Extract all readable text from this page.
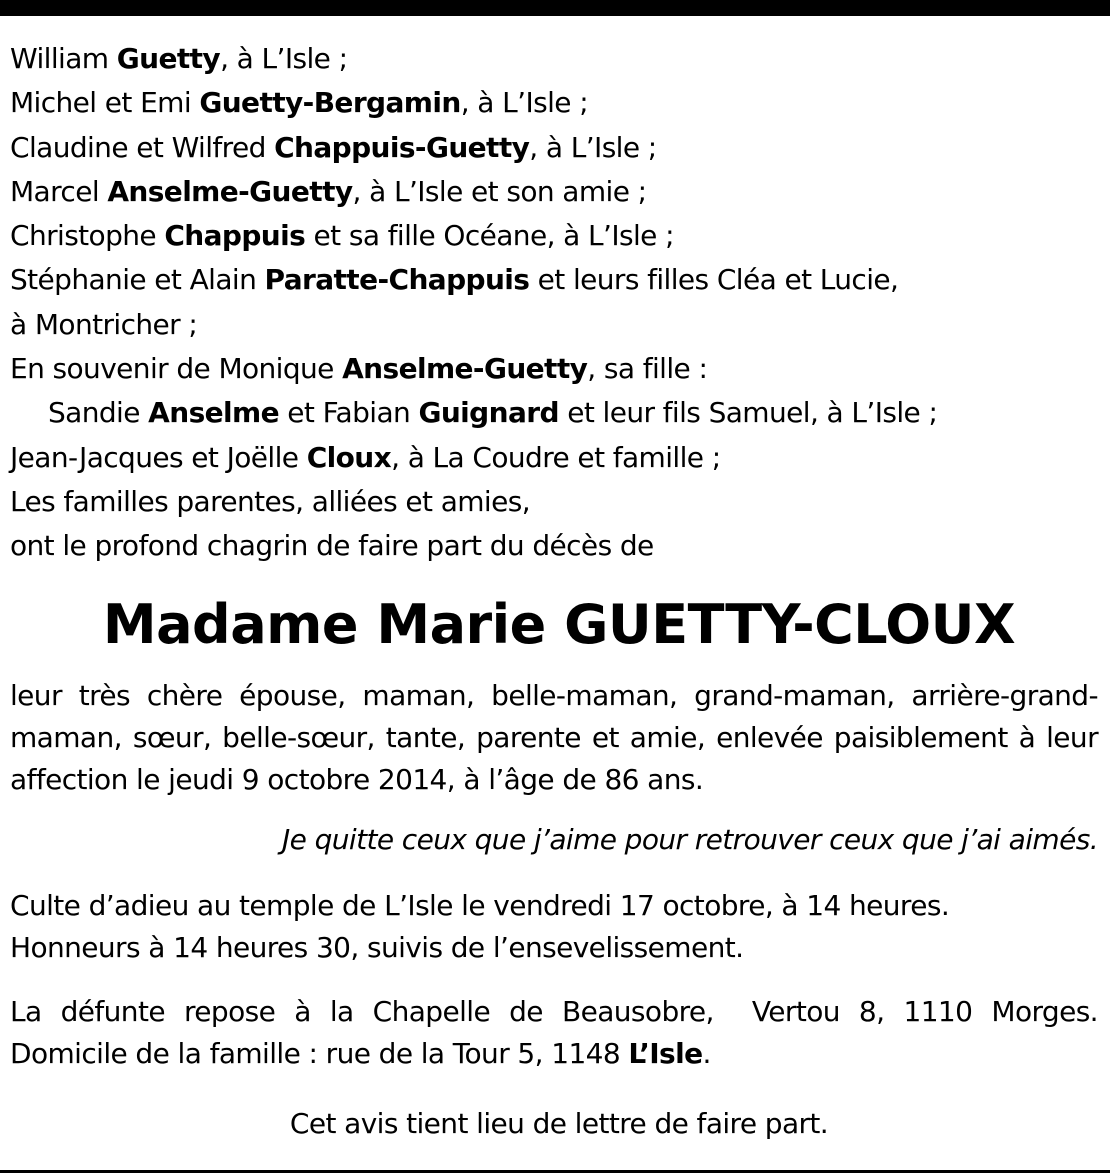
William Guetty, à L’Isle ;
Michel et Emi Guetty-Bergamin, à L’Isle ;
Claudine et Wilfred Chappuis-Guetty, à L’Isle ;
Marcel Anselme-Guetty, à L’Isle et son amie ;
Christophe Chappuis et sa fille Océane, à L’Isle ;
Stéphanie et Alain Paratte-Chappuis et leurs filles Cléa et Lucie,
à Montricher ;
En souvenir de Monique Anselme-Guetty, sa fille :
Sandie Anselme et Fabian Guignard et leur fils Samuel, à L’Isle ;
Jean-Jacques et Joëlle Cloux, à La Coudre et famille ;
Les familles parentes, alliées et amies,
ont le profond chagrin de faire part du décès de
Madame Marie GUETTY-CLOUX
leur très chère épouse, maman, belle-maman, grand-maman, arrière-grand-maman, sœur, belle-sœur, tante, parente et amie, enlevée paisiblement à leur affection le jeudi 9 octobre 2014, à l’âge de 86 ans.
Je quitte ceux que j’aime pour retrouver ceux que j’ai aimés.
Culte d’adieu au temple de L’Isle le vendredi 17 octobre, à 14 heures.
Honneurs à 14 heures 30, suivis de l’ensevelissement.
La défunte repose à la Chapelle de Beausobre,  Vertou 8, 1110 Morges.
Domicile de la famille : rue de la Tour 5, 1148 L’Isle.
Cet avis tient lieu de lettre de faire part.
